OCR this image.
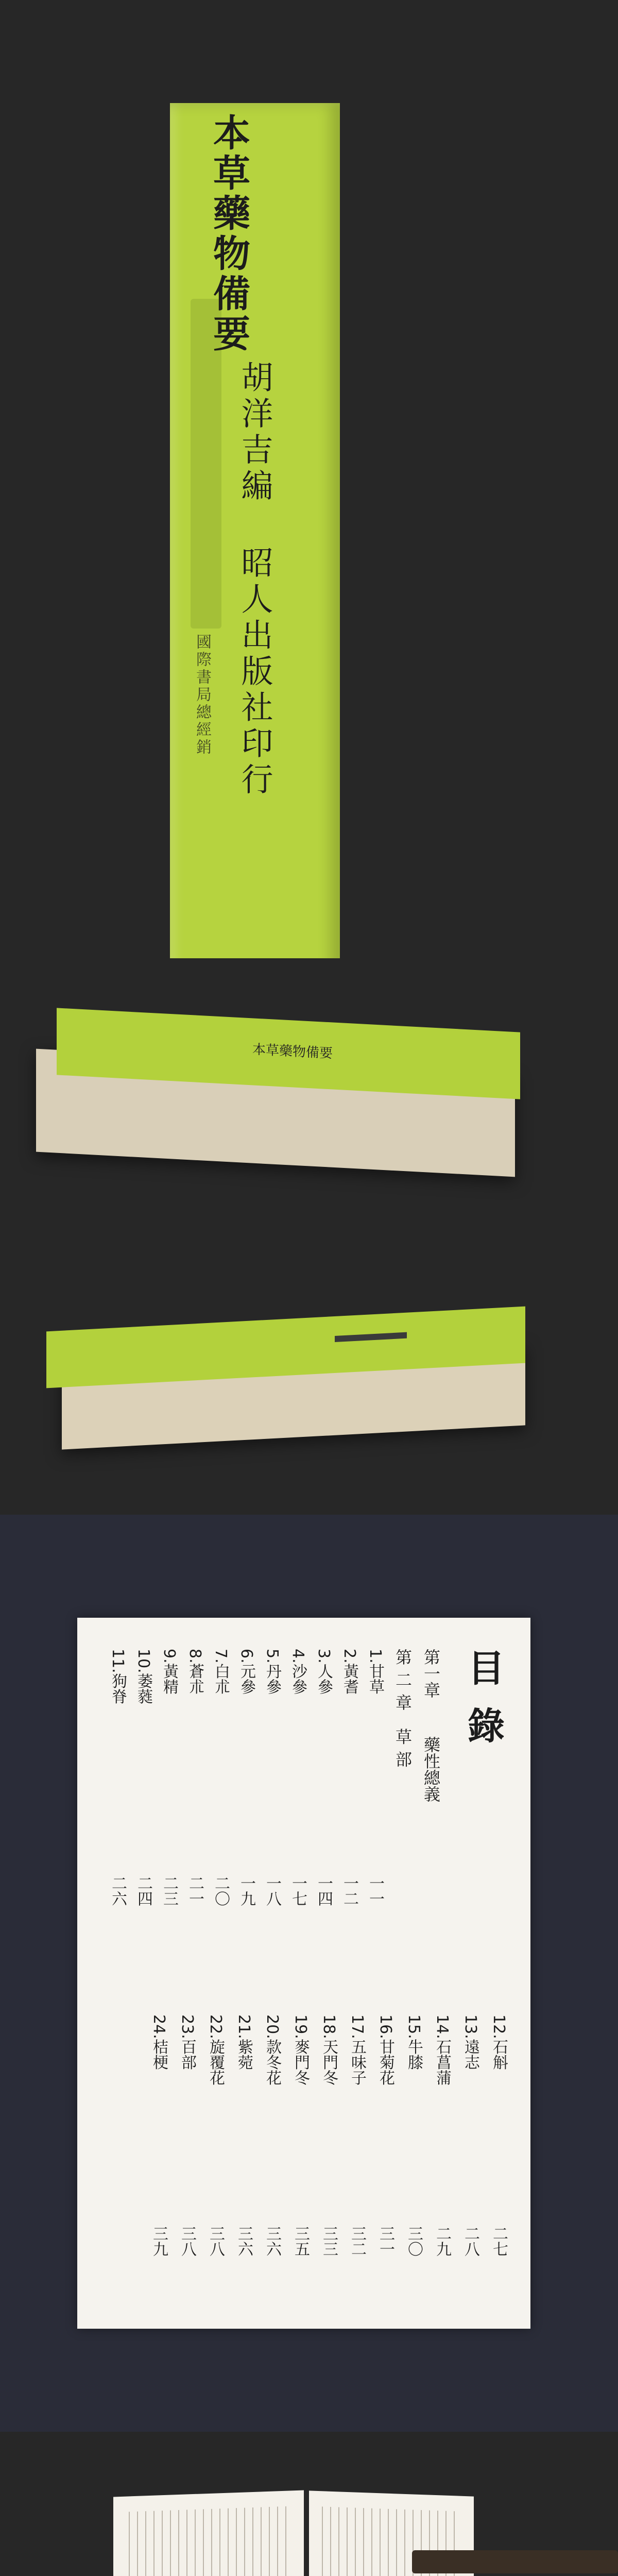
本草藥物備要
胡洋吉編
昭人出版社印行
國際書局總經銷
本草藥物備要
目錄
第一章
藥性總義
第二章 草部
1.甘草
2.黃耆
3.人參
4.沙參
5.丹參
6.元參
7.白朮
8.蒼朮
9.黃精
10.萎蕤
11.狗脊
一一
一二
一四
一七
一八
一九
二〇
二一
二三
二四
二六
12.石斛
13.遠志
14.石菖蒲
15.牛膝
16.甘菊花
17.五味子
18.天門冬
19.麥門冬
20.款冬花
21.紫菀
22.旋覆花
23.百部
24.桔梗
二七
二八
二九
三〇
三一
三二
三三
三五
三六
三六
三八
三八
三九
